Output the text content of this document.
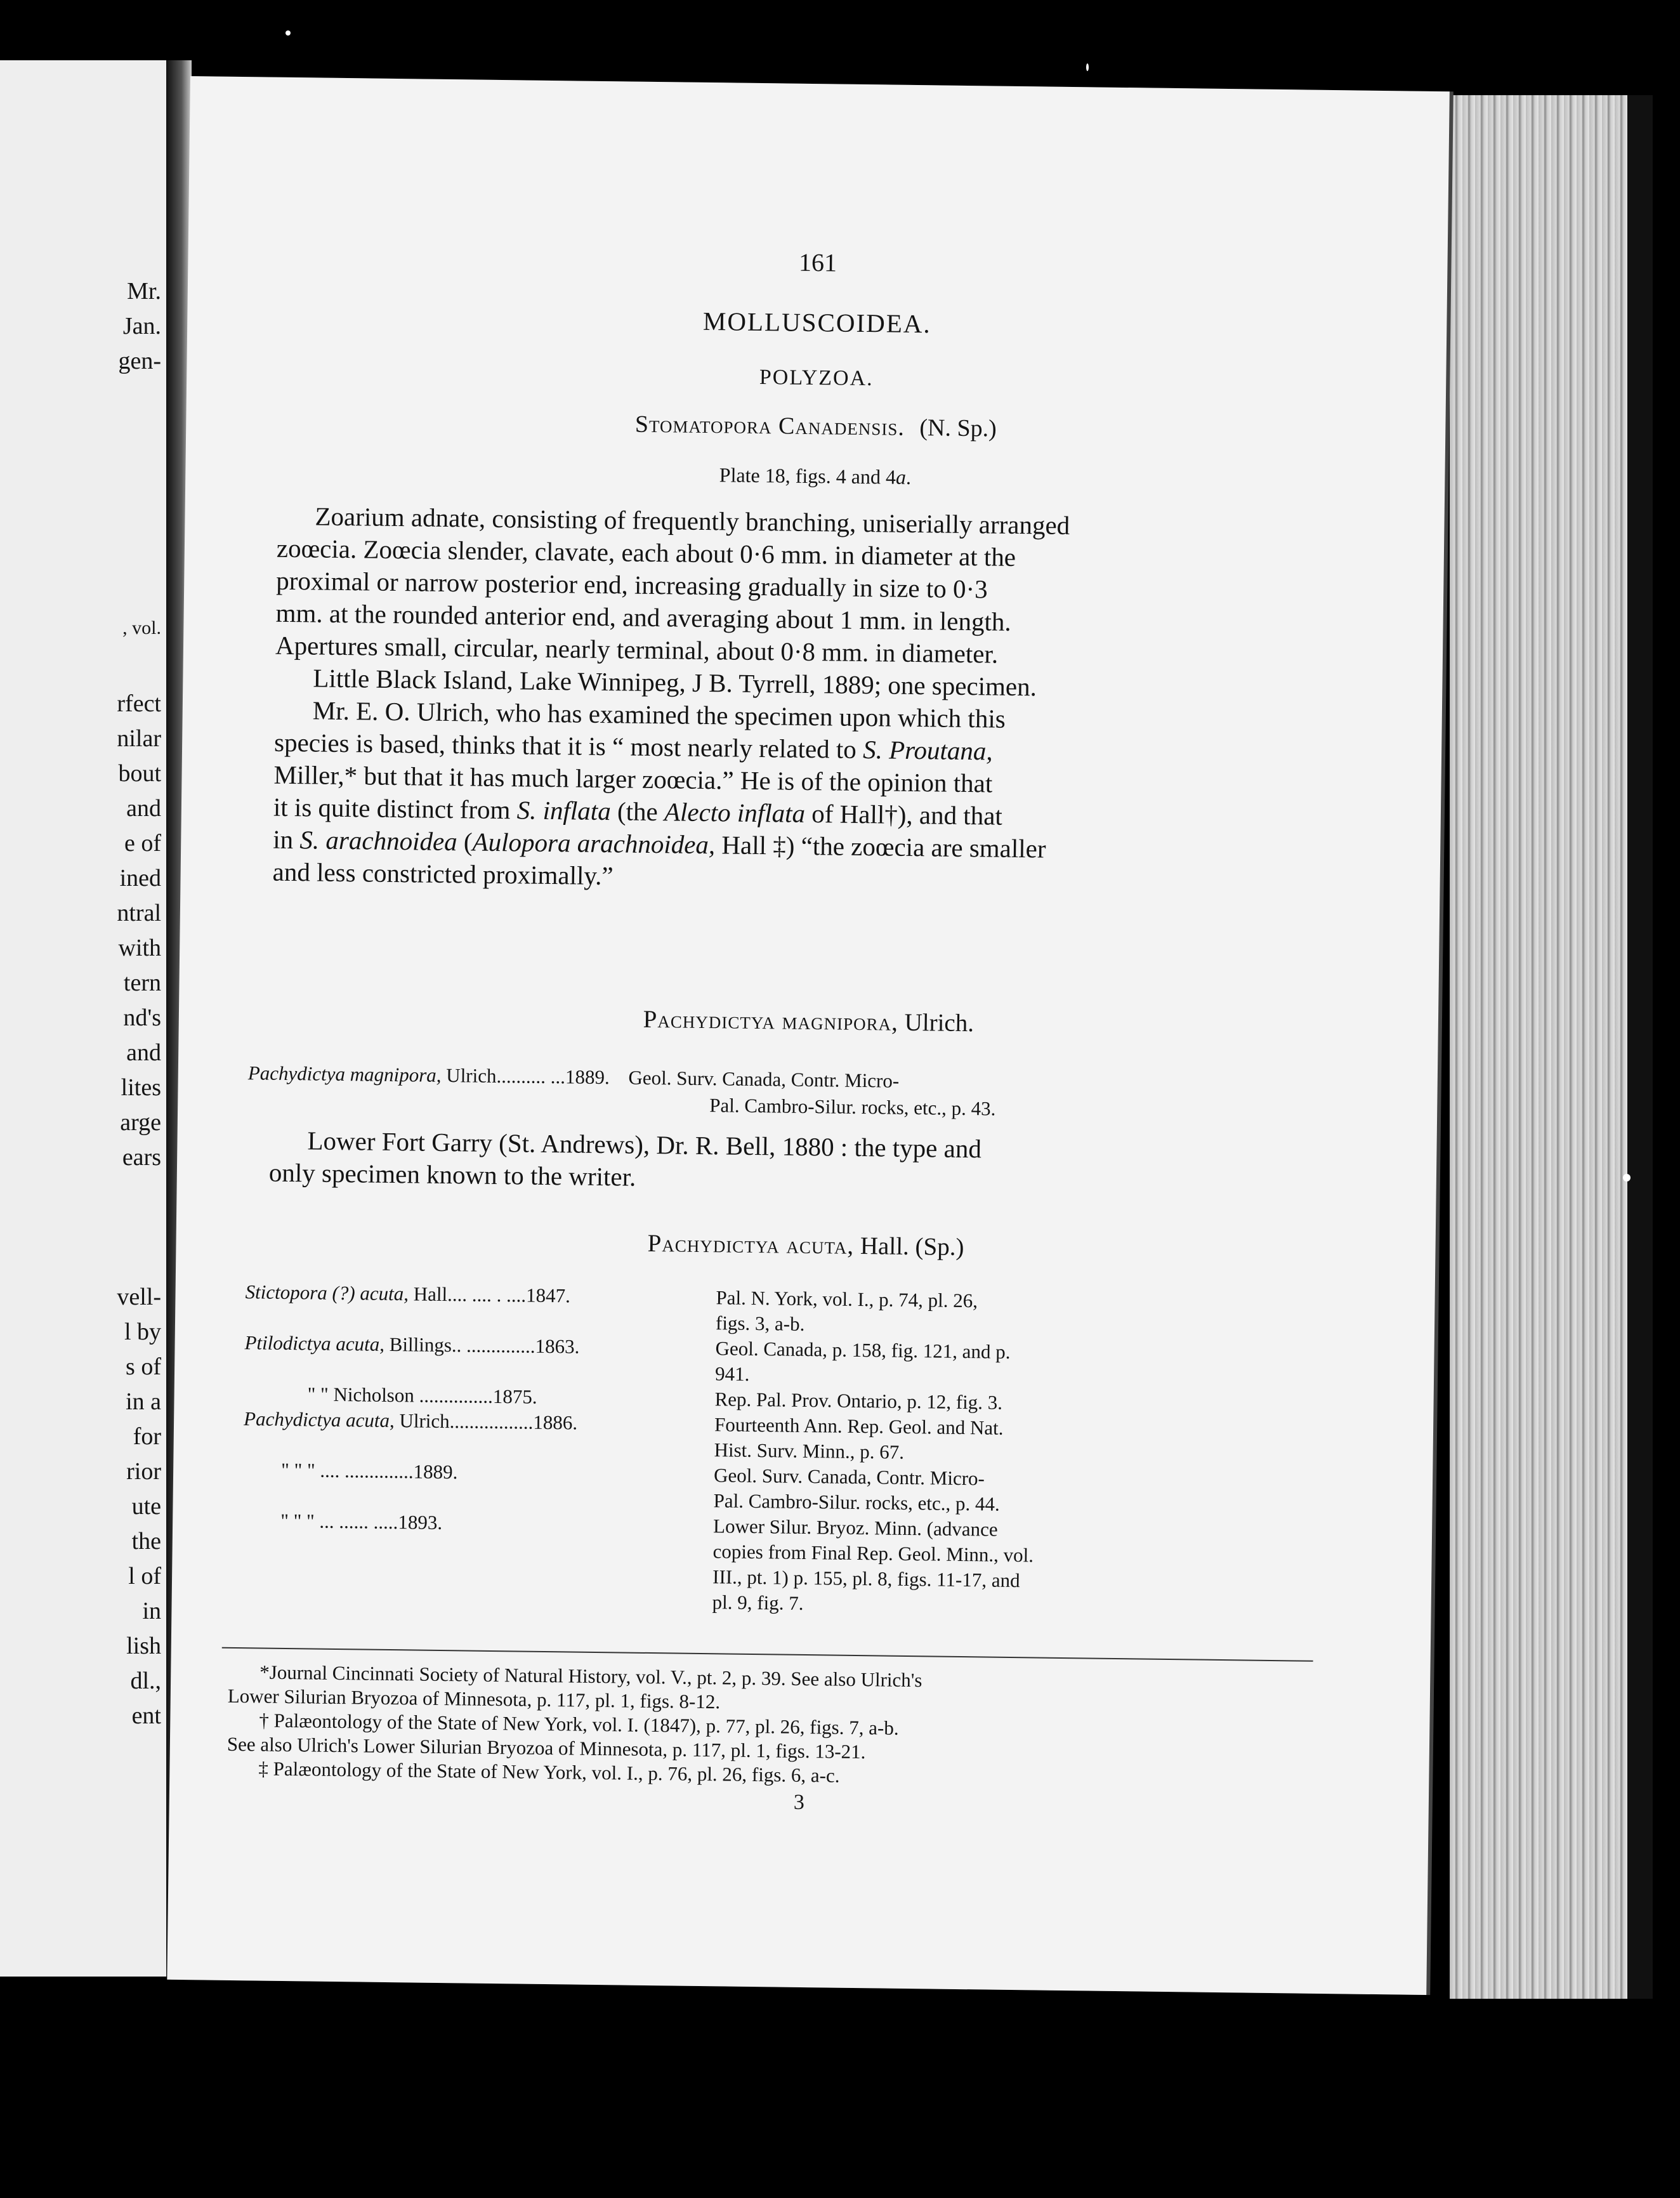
Mr.
Jan.
gen-
, vol.
rfect
nilar
bout
and
e of
ined
ntral
with
tern
nd's
and
lites
arge
ears
vell-
l by
s of
in a
for
rior
ute
the
l of
in
lish
dl.,
ent
161
MOLLUSCOIDEA.
POLYZOA.
Stomatopora Canadensis. (N. Sp.)
Plate 18, figs. 4 and 4a.
Zoarium adnate, consisting of frequently branching, uniserially arranged
zoœcia. Zoœcia slender, clavate, each about 0·6 mm. in diameter at the
proximal or narrow posterior end, increasing gradually in size to 0·3
mm. at the rounded anterior end, and averaging about 1 mm. in length.
Apertures small, circular, nearly terminal, about 0·8 mm. in diameter.
Little Black Island, Lake Winnipeg, J B. Tyrrell, 1889; one specimen.
Mr. E. O. Ulrich, who has examined the specimen upon which this
species is based, thinks that it is “ most nearly related to S. Proutana,
Miller,* but that it has much larger zoœcia.” He is of the opinion that
it is quite distinct from S. inflata (the Alecto inflata of Hall†), and that
in S. arachnoidea (Aulopora arachnoidea, Hall ‡) “the zoœcia are smaller
and less constricted proximally.”
Pachydictya magnipora, Ulrich.
Pachydictya magnipora, Ulrich.......... ...1889. Geol. Surv. Canada, Contr. Micro-
Pal. Cambro-Silur. rocks, etc., p. 43.
Lower Fort Garry (St. Andrews), Dr. R. Bell, 1880 : the type and
only specimen known to the writer.
Pachydictya acuta, Hall. (Sp.)
Stictopora (?) acuta, Hall.... .... . ....1847.	Pal. N. York, vol. I., p. 74, pl. 26,
figs. 3, a-b.
Ptilodictya acuta, Billings.. ..............1863.	Geol. Canada, p. 158, fig. 121, and p.
941.
" " Nicholson ...............1875.	Rep. Pal. Prov. Ontario, p. 12, fig. 3.
Pachydictya acuta, Ulrich.................1886.	Fourteenth Ann. Rep. Geol. and Nat.
Hist. Surv. Minn., p. 67.
" " " .... ..............1889.	Geol. Surv. Canada, Contr. Micro-
Pal. Cambro-Silur. rocks, etc., p. 44.
" " " ... ...... .....1893.	Lower Silur. Bryoz. Minn. (advance
copies from Final Rep. Geol. Minn., vol.
III., pt. 1) p. 155, pl. 8, figs. 11-17, and
pl. 9, fig. 7.
*Journal Cincinnati Society of Natural History, vol. V., pt. 2, p. 39. See also Ulrich's
Lower Silurian Bryozoa of Minnesota, p. 117, pl. 1, figs. 8-12.
† Palæontology of the State of New York, vol. I. (1847), p. 77, pl. 26, figs. 7, a-b.
See also Ulrich's Lower Silurian Bryozoa of Minnesota, p. 117, pl. 1, figs. 13-21.
‡ Palæontology of the State of New York, vol. I., p. 76, pl. 26, figs. 6, a-c.
3
